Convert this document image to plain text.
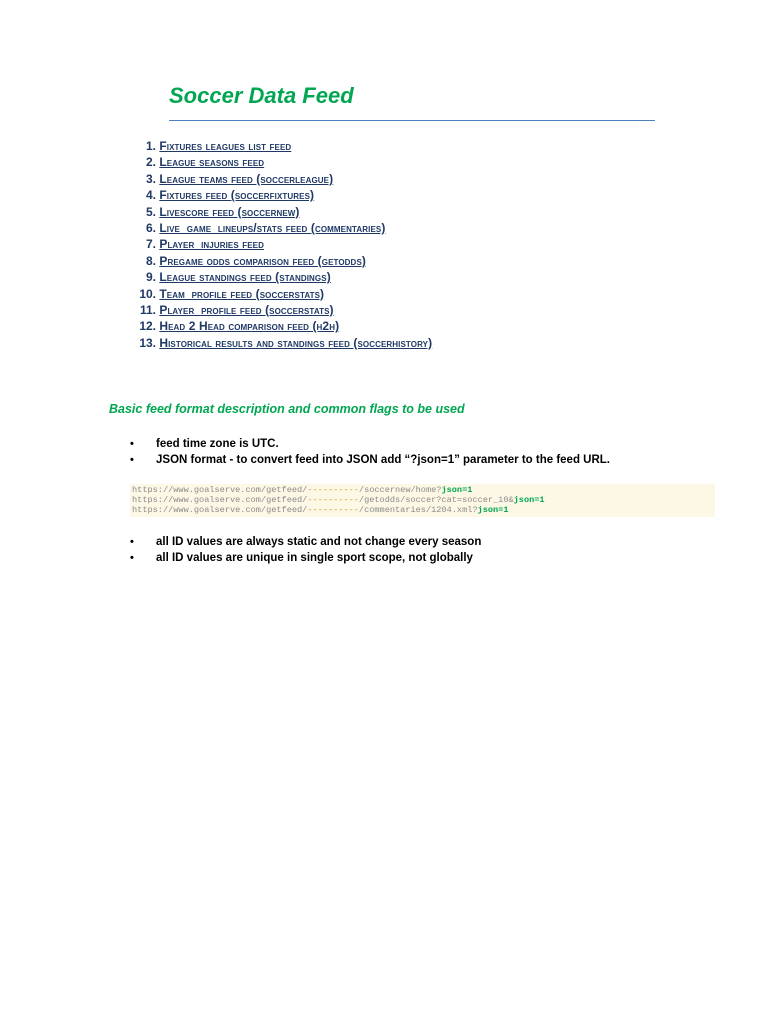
Soccer Data Feed
1. Fixtures leagues list feed
2. League seasons feed
3. League teams feed (soccerleague)
4. Fixtures feed (soccerfixtures)
5. Livescore feed (soccernew)
6. Live_game_lineups/stats feed (commentaries)
7. Player_injuries feed
8. Pregame odds comparison feed (getodds)
9. League standings feed (standings)
10. Team_profile feed (soccerstats)
11. Player_profile feed (soccerstats)
12. Head 2 Head comparison feed (h2h)
13. Historical results and standings feed (soccerhistory)
Basic feed format description and common flags to be used
• feed time zone is UTC.
• JSON format - to convert feed into JSON add “?json=1” parameter to the feed URL.
https://www.goalserve.com/getfeed/----------/soccernew/home?json=1
https://www.goalserve.com/getfeed/----------/getodds/soccer?cat=soccer_10&json=1
https://www.goalserve.com/getfeed/----------/commentaries/1204.xml?json=1
• all ID values are always static and not change every season
• all ID values are unique in single sport scope, not globally
